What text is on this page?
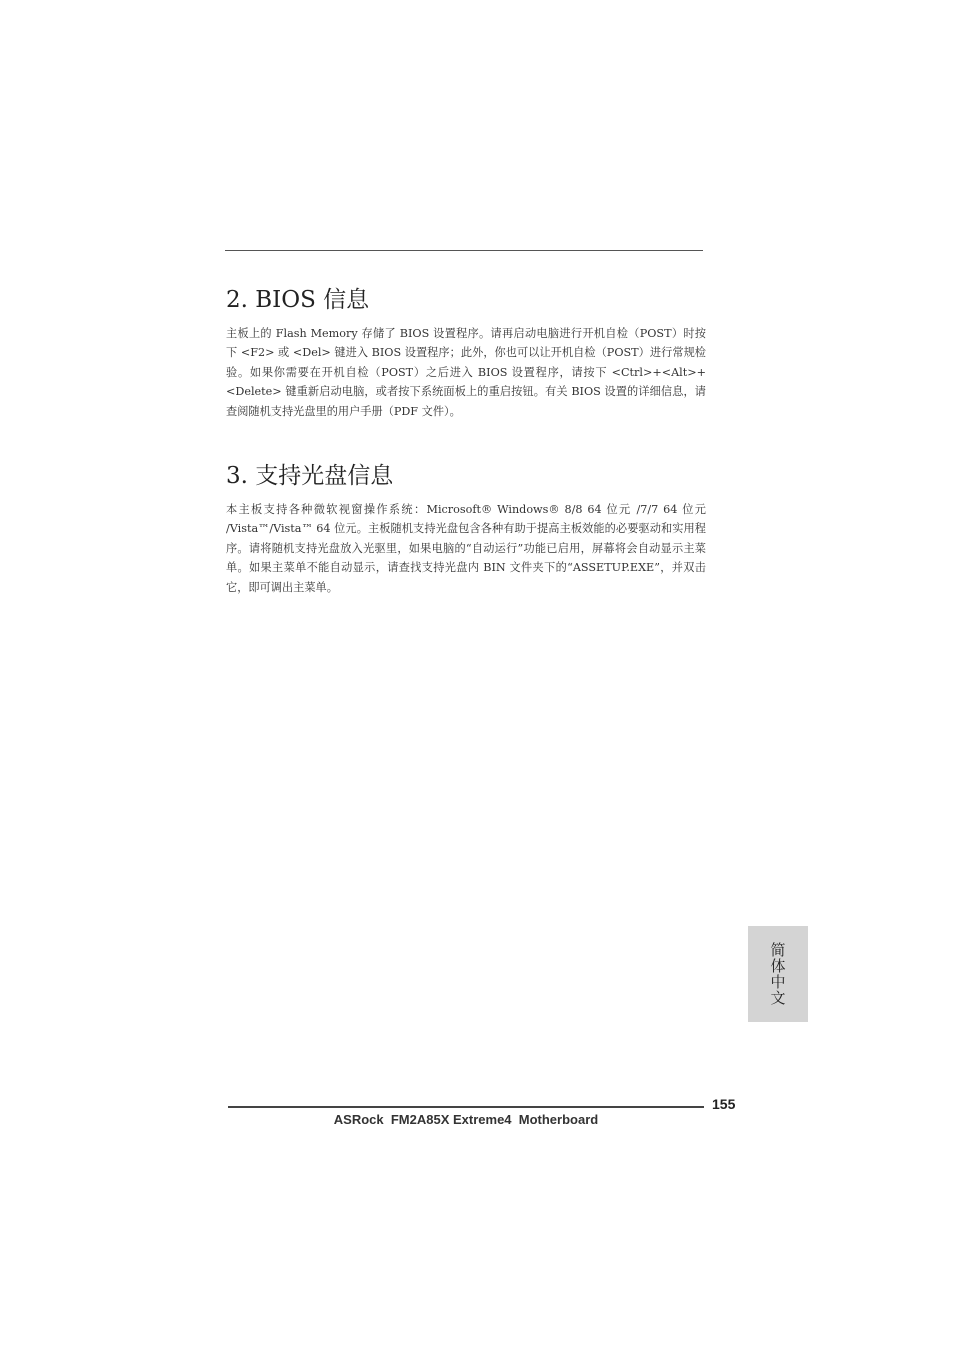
2. BIOS 信息

主板上的 Flash Memory 存储了 BIOS 设置程序。请再启动电脑进行开机自检（POST）时按下 <F2> 或 <Del> 键进入 BIOS 设置程序；此外，你也可以让开机自检（POST）进行常规检验。如果你需要在开机自检（POST）之后进入 BIOS 设置程序，请按下 <Ctrl>+<Alt>+<Delete> 键重新启动电脑，或者按下系统面板上的重启按钮。有关 BIOS 设置的详细信息，请查阅随机支持光盘里的用户手册（PDF 文件）。

3. 支持光盘信息

本主板支持各种微软视窗操作系统：Microsoft® Windows® 8/8 64 位元 /7/7 64 位元 /Vista™/Vista™ 64 位元。主板随机支持光盘包含各种有助于提高主板效能的必要驱动和实用程序。请将随机支持光盘放入光驱里，如果电脑的“自动运行”功能已启用，屏幕将会自动显示主菜单。如果主菜单不能自动显示，请查找支持光盘内 BIN 文件夹下的“ASSETUP.EXE”，并双击它，即可调出主菜单。

简体中文
155
ASRock  FM2A85X Extreme4  Motherboard
